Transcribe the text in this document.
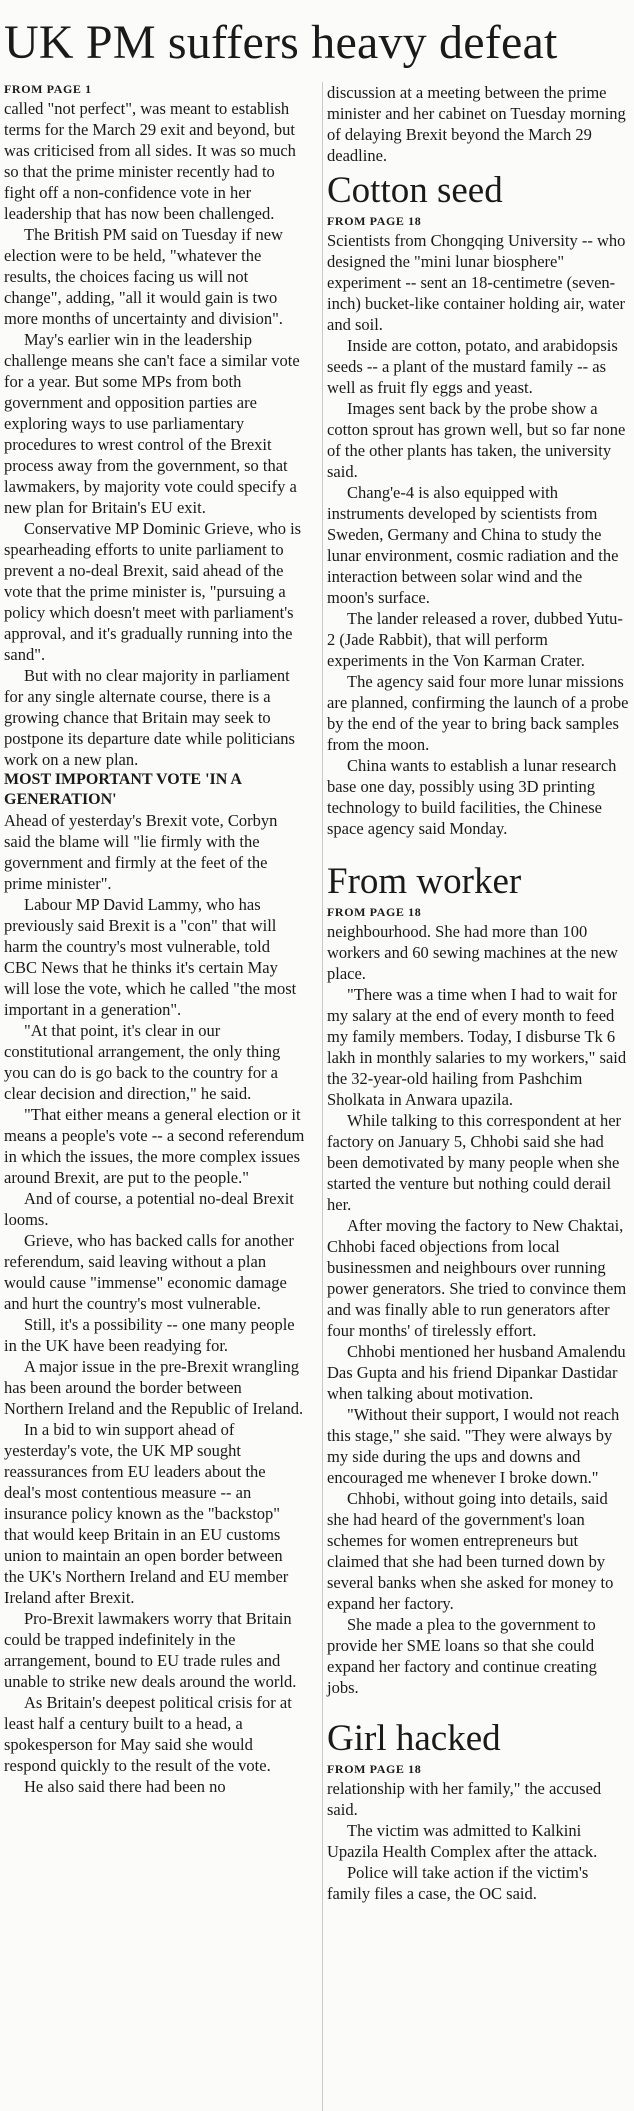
UK PM suffers heavy defeat
FROM PAGE 1

called "not perfect", was meant to establish terms for the March 29 exit and beyond, but was criticised from all sides. It was so much so that the prime minister recently had to fight off a non-confidence vote in her leadership that has now been challenged.

The British PM said on Tuesday if new election were to be held, "whatever the results, the choices facing us will not change", adding, "all it would gain is two more months of uncertainty and division".

May's earlier win in the leadership challenge means she can't face a similar vote for a year. But some MPs from both government and opposition parties are exploring ways to use parliamentary procedures to wrest control of the Brexit process away from the government, so that lawmakers, by majority vote could specify a new plan for Britain's EU exit.

Conservative MP Dominic Grieve, who is spearheading efforts to unite parliament to prevent a no-deal Brexit, said ahead of the vote that the prime minister is, "pursuing a policy which doesn't meet with parliament's approval, and it's gradually running into the sand".

But with no clear majority in parliament for any single alternate course, there is a growing chance that Britain may seek to postpone its departure date while politicians work on a new plan.

MOST IMPORTANT VOTE 'IN A GENERATION'

Ahead of yesterday's Brexit vote, Corbyn said the blame will "lie firmly with the government and firmly at the feet of the prime minister".

Labour MP David Lammy, who has previously said Brexit is a "con" that will harm the country's most vulnerable, told CBC News that he thinks it's certain May will lose the vote, which he called "the most important in a generation".

"At that point, it's clear in our constitutional arrangement, the only thing you can do is go back to the country for a clear decision and direction," he said.

"That either means a general election or it means a people's vote -- a second referendum in which the issues, the more complex issues around Brexit, are put to the people."

And of course, a potential no-deal Brexit looms.

Grieve, who has backed calls for another referendum, said leaving without a plan would cause "immense" economic damage and hurt the country's most vulnerable.

Still, it's a possibility -- one many people in the UK have been readying for.

A major issue in the pre-Brexit wrangling has been around the border between Northern Ireland and the Republic of Ireland.

In a bid to win support ahead of yesterday's vote, the UK MP sought reassurances from EU leaders about the deal's most contentious measure -- an insurance policy known as the "backstop" that would keep Britain in an EU customs union to maintain an open border between the UK's Northern Ireland and EU member Ireland after Brexit.

Pro-Brexit lawmakers worry that Britain could be trapped indefinitely in the arrangement, bound to EU trade rules and unable to strike new deals around the world.

As Britain's deepest political crisis for at least half a century built to a head, a spokesperson for May said she would respond quickly to the result of the vote.

He also said there had been no

discussion at a meeting between the prime minister and her cabinet on Tuesday morning of delaying Brexit beyond the March 29 deadline.

Cotton seed
FROM PAGE 18

Scientists from Chongqing University -- who designed the "mini lunar biosphere" experiment -- sent an 18-centimetre (seven-inch) bucket-like container holding air, water and soil.

Inside are cotton, potato, and arabidopsis seeds -- a plant of the mustard family -- as well as fruit fly eggs and yeast.

Images sent back by the probe show a cotton sprout has grown well, but so far none of the other plants has taken, the university said.

Chang'e-4 is also equipped with instruments developed by scientists from Sweden, Germany and China to study the lunar environment, cosmic radiation and the interaction between solar wind and the moon's surface.

The lander released a rover, dubbed Yutu-2 (Jade Rabbit), that will perform experiments in the Von Karman Crater.

The agency said four more lunar missions are planned, confirming the launch of a probe by the end of the year to bring back samples from the moon.

China wants to establish a lunar research base one day, possibly using 3D printing technology to build facilities, the Chinese space agency said Monday.

From worker
FROM PAGE 18

neighbourhood. She had more than 100 workers and 60 sewing machines at the new place.

"There was a time when I had to wait for my salary at the end of every month to feed my family members. Today, I disburse Tk 6 lakh in monthly salaries to my workers," said the 32-year-old hailing from Pashchim Sholkata in Anwara upazila.

While talking to this correspondent at her factory on January 5, Chhobi said she had been demotivated by many people when she started the venture but nothing could derail her.

After moving the factory to New Chaktai, Chhobi faced objections from local businessmen and neighbours over running power generators. She tried to convince them and was finally able to run generators after four months' of tirelessly effort.

Chhobi mentioned her husband Amalendu Das Gupta and his friend Dipankar Dastidar when talking about motivation.

"Without their support, I would not reach this stage," she said. "They were always by my side during the ups and downs and encouraged me whenever I broke down."

Chhobi, without going into details, said she had heard of the government's loan schemes for women entrepreneurs but claimed that she had been turned down by several banks when she asked for money to expand her factory.

She made a plea to the government to provide her SME loans so that she could expand her factory and continue creating jobs.

Girl hacked
FROM PAGE 18

relationship with her family," the accused said.

The victim was admitted to Kalkini Upazila Health Complex after the attack.

Police will take action if the victim's family files a case, the OC said.
